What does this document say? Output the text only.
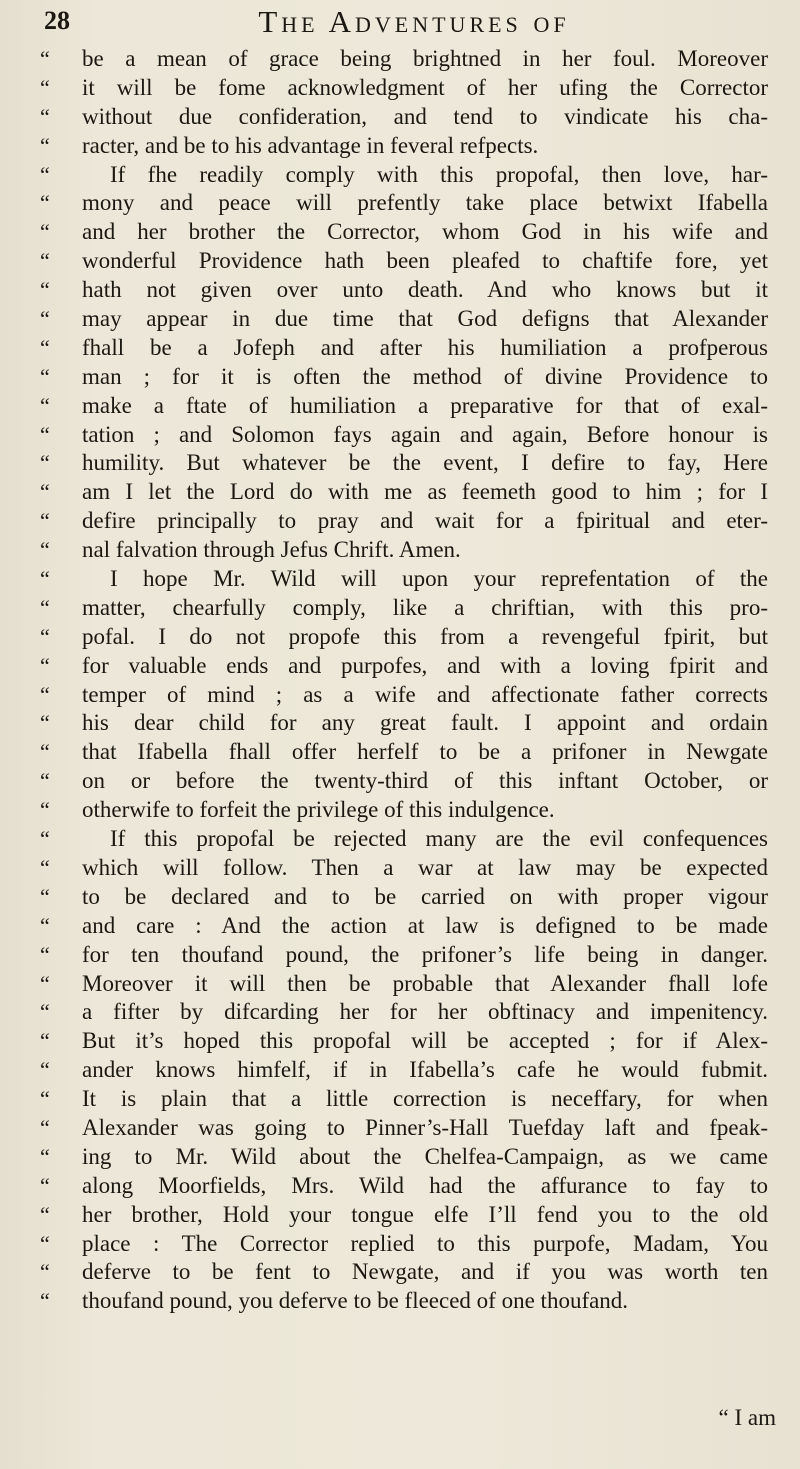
28	The Adventures of
“	be a mean of grace being brightned in her foul. Moreover
“	it will be fome acknowledgment of her ufing the Corrector
“	without due confideration, and tend to vindicate his cha-
“	racter, and be to his advantage in feveral refpects.
“	If fhe readily comply with this propofal, then love, har-
“	mony and peace will prefently take place betwixt Ifabella
“	and her brother the Corrector, whom God in his wife and
“	wonderful Providence hath been pleafed to chaftife fore, yet
“	hath not given over unto death. And who knows but it
“	may appear in due time that God defigns that Alexander
“	fhall be a Jofeph and after his humiliation a profperous
“	man ; for it is often the method of divine Providence to
“	make a ftate of humiliation a preparative for that of exal-
“	tation ; and Solomon fays again and again, Before honour is
“	humility. But whatever be the event, I defire to fay, Here
“	am I let the Lord do with me as feemeth good to him ; for I
“	defire principally to pray and wait for a fpiritual and eter-
“	nal falvation through Jefus Chrift. Amen.
“	I hope Mr. Wild will upon your reprefentation of the
“	matter, chearfully comply, like a chriftian, with this pro-
“	pofal. I do not propofe this from a revengeful fpirit, but
“	for valuable ends and purpofes, and with a loving fpirit and
“	temper of mind ; as a wife and affectionate father corrects
“	his dear child for any great fault. I appoint and ordain
“	that Ifabella fhall offer herfelf to be a prifoner in Newgate
“	on or before the twenty-third of this inftant October, or
“	otherwife to forfeit the privilege of this indulgence.
“	If this propofal be rejected many are the evil confequences
“	which will follow. Then a war at law may be expected
“	to be declared and to be carried on with proper vigour
“	and care : And the action at law is defigned to be made
“	for ten thoufand pound, the prifoner’s life being in danger.
“	Moreover it will then be probable that Alexander fhall lofe
“	a fifter by difcarding her for her obftinacy and impenitency.
“	But it’s hoped this propofal will be accepted ; for if Alex-
“	ander knows himfelf, if in Ifabella’s cafe he would fubmit.
“	It is plain that a little correction is neceffary, for when
“	Alexander was going to Pinner’s-Hall Tuefday laft and fpeak-
“	ing to Mr. Wild about the Chelfea-Campaign, as we came
“	along Moorfields, Mrs. Wild had the affurance to fay to
“	her brother, Hold your tongue elfe I’ll fend you to the old
“	place : The Corrector replied to this purpofe, Madam, You
“	deferve to be fent to Newgate, and if you was worth ten
“	thoufand pound, you deferve to be fleeced of one thoufand.
“ I am
